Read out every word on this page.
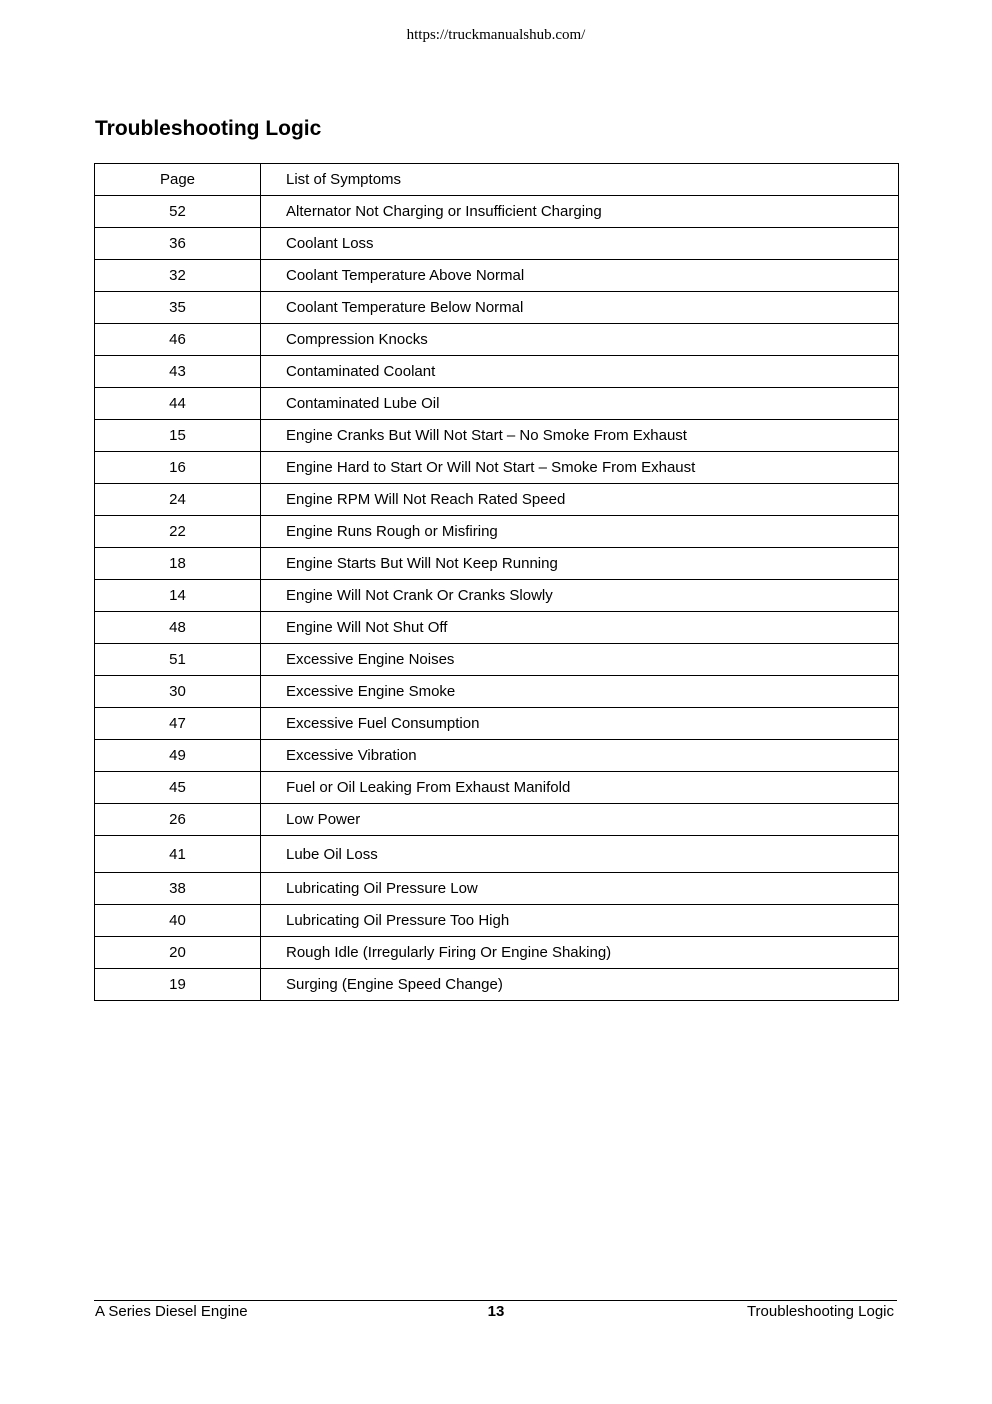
https://truckmanualshub.com/
Troubleshooting Logic
Page	List of Symptoms
52	Alternator Not Charging or Insufficient Charging
36	Coolant Loss
32	Coolant Temperature Above Normal
35	Coolant Temperature Below Normal
46	Compression Knocks
43	Contaminated Coolant
44	Contaminated Lube Oil
15	Engine Cranks But Will Not Start – No Smoke From Exhaust
16	Engine Hard to Start Or Will Not Start – Smoke From Exhaust
24	Engine RPM Will Not Reach Rated Speed
22	Engine Runs Rough or Misfiring
18	Engine Starts But Will Not Keep Running
14	Engine Will Not Crank Or Cranks Slowly
48	Engine Will Not Shut Off
51	Excessive Engine Noises
30	Excessive Engine Smoke
47	Excessive Fuel Consumption
49	Excessive Vibration
45	Fuel or Oil Leaking From Exhaust Manifold
26	Low Power
41	Lube Oil Loss
38	Lubricating Oil Pressure Low
40	Lubricating Oil Pressure Too High
20	Rough Idle (Irregularly Firing Or Engine Shaking)
19	Surging (Engine Speed Change)
A Series Diesel Engine	13	Troubleshooting Logic
